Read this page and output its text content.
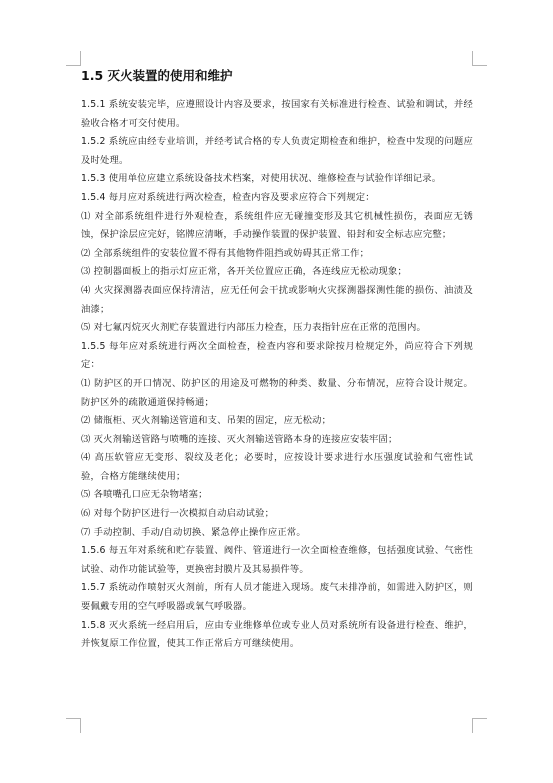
1.5 灭火装置的使用和维护

1.5.1 系统安装完毕，应遵照设计内容及要求，按国家有关标准进行检查、试验和调试，并经验收合格才可交付使用。

1.5.2 系统应由经专业培训，并经考试合格的专人负责定期检查和维护，检查中发现的问题应及时处理。

1.5.3 使用单位应建立系统设备技术档案，对使用状况、维修检查与试验作详细记录。

1.5.4 每月应对系统进行两次检查，检查内容及要求应符合下列规定：

⑴ 对全部系统组件进行外观检查，系统组件应无碰撞变形及其它机械性损伤，表面应无锈蚀，保护涂层应完好，铭牌应清晰，手动操作装置的保护装置、铅封和安全标志应完整；

⑵ 全部系统组件的安装位置不得有其他物件阻挡或妨碍其正常工作；

⑶ 控制器面板上的指示灯应正常，各开关位置应正确，各连线应无松动现象；

⑷ 火灾探测器表面应保持清洁，应无任何会干扰或影响火灾探测器探测性能的损伤、油渍及油漆；

⑸ 对七氟丙烷灭火剂贮存装置进行内部压力检查，压力表指针应在正常的范围内。

1.5.5 每年应对系统进行两次全面检查，检查内容和要求除按月检规定外，尚应符合下列规定：

⑴ 防护区的开口情况、防护区的用途及可燃物的种类、数量、分布情况，应符合设计规定。防护区外的疏散通道保持畅通；

⑵ 储瓶柜、灭火剂输送管道和支、吊架的固定，应无松动；

⑶ 灭火剂输送管路与喷嘴的连接、灭火剂输送管路本身的连接应安装牢固；

⑷ 高压软管应无变形、裂纹及老化；必要时，应按设计要求进行水压强度试验和气密性试验，合格方能继续使用；

⑸ 各喷嘴孔口应无杂物堵塞；

⑹ 对每个防护区进行一次模拟自动启动试验；

⑺ 手动控制、手动/自动切换、紧急停止操作应正常。

1.5.6 每五年对系统和贮存装置、阀件、管道进行一次全面检查维修，包括强度试验、气密性试验、动作功能试验等，更换密封膜片及其易损件等。

1.5.7 系统动作喷射灭火剂前，所有人员才能进入现场。废气未排净前，如需进入防护区，则要佩戴专用的空气呼吸器或氧气呼吸器。

1.5.8 灭火系统一经启用后，应由专业维修单位或专业人员对系统所有设备进行检查、维护，并恢复原工作位置，使其工作正常后方可继续使用。
